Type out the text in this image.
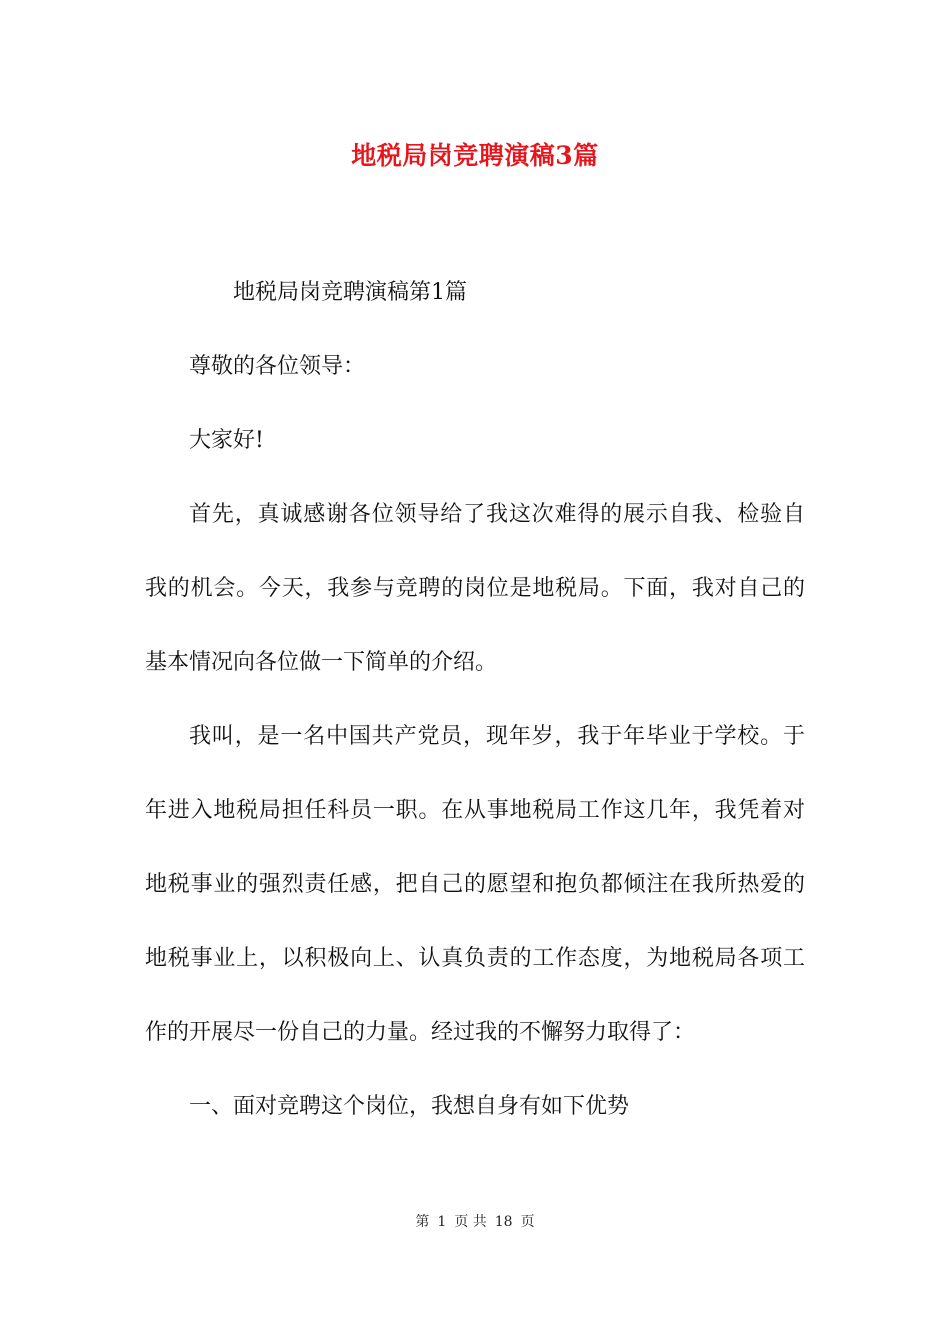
地税局岗竞聘演稿3篇
地税局岗竞聘演稿第1篇
尊敬的各位领导：
大家好!
首先，真诚感谢各位领导给了我这次难得的展示自我、检验自
我的机会。今天，我参与竞聘的岗位是地税局。下面，我对自己的
基本情况向各位做一下简单的介绍。
我叫，是一名中国共产党员，现年岁，我于年毕业于学校。于
年进入地税局担任科员一职。在从事地税局工作这几年，我凭着对
地税事业的强烈责任感，把自己的愿望和抱负都倾注在我所热爱的
地税事业上，以积极向上、认真负责的工作态度，为地税局各项工
作的开展尽一份自己的力量。经过我的不懈努力取得了：
一、面对竞聘这个岗位，我想自身有如下优势
第 1 页 共 18 页
